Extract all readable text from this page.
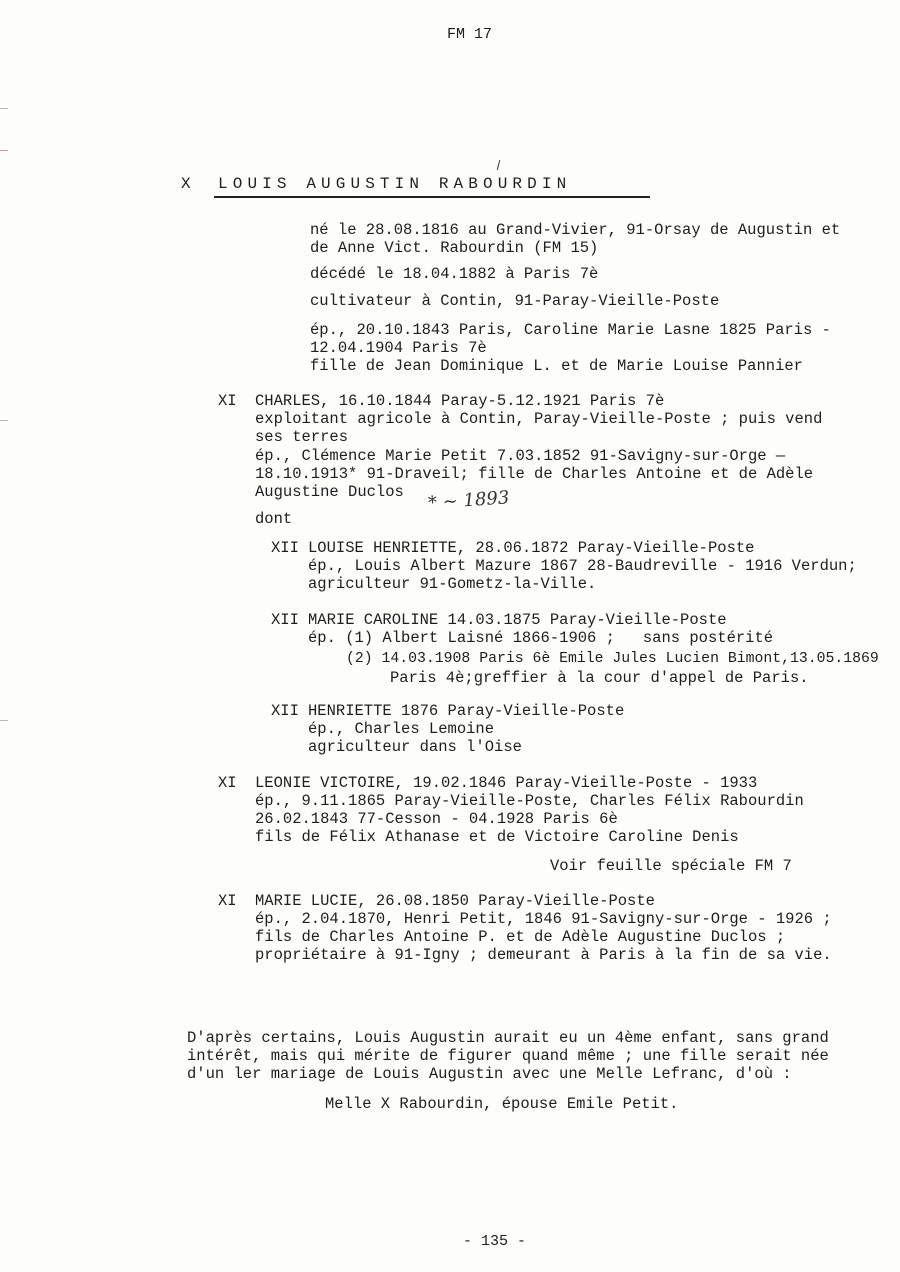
FM 17
X LOUIS AUGUSTIN RABOURDIN
né le 28.08.1816 au Grand-Vivier, 91-Orsay de Augustin et
de Anne Vict. Rabourdin (FM 15)
décédé le 18.04.1882 à Paris 7è
cultivateur à Contin, 91-Paray-Vieille-Poste
ép., 20.10.1843 Paris, Caroline Marie Lasne 1825 Paris -
12.04.1904 Paris 7è
fille de Jean Dominique L. et de Marie Louise Pannier
XI CHARLES, 16.10.1844 Paray-5.12.1921 Paris 7è
exploitant agricole à Contin, Paray-Vieille-Poste ; puis vend
ses terres
ép., Clémence Marie Petit 7.03.1852 91-Savigny-sur-Orge —
18.10.1913* 91-Draveil; fille de Charles Antoine et de Adèle
Augustine Duclos * ~ 1893
dont
XII LOUISE HENRIETTE, 28.06.1872 Paray-Vieille-Poste
ép., Louis Albert Mazure 1867 28-Baudreville - 1916 Verdun;
agriculteur 91-Gometz-la-Ville.
XII MARIE CAROLINE 14.03.1875 Paray-Vieille-Poste
ép. (1) Albert Laisné 1866-1906 ;   sans postérité
(2) 14.03.1908 Paris 6è Emile Jules Lucien Bimont,13.05.1869
Paris 4è;greffier à la cour d'appel de Paris.
XII HENRIETTE 1876 Paray-Vieille-Poste
ép., Charles Lemoine
agriculteur dans l'Oise
XI LEONIE VICTOIRE, 19.02.1846 Paray-Vieille-Poste - 1933
ép., 9.11.1865 Paray-Vieille-Poste, Charles Félix Rabourdin
26.02.1843 77-Cesson - 04.1928 Paris 6è
fils de Félix Athanase et de Victoire Caroline Denis
Voir feuille spéciale FM 7
XI MARIE LUCIE, 26.08.1850 Paray-Vieille-Poste
ép., 2.04.1870, Henri Petit, 1846 91-Savigny-sur-Orge - 1926 ;
fils de Charles Antoine P. et de Adèle Augustine Duclos ;
propriétaire à 91-Igny ; demeurant à Paris à la fin de sa vie.
D'après certains, Louis Augustin aurait eu un 4ème enfant, sans grand
intérêt, mais qui mérite de figurer quand même ; une fille serait née
d'un ler mariage de Louis Augustin avec une Melle Lefranc, d'où :
Melle X Rabourdin, épouse Emile Petit.
- 135 -
